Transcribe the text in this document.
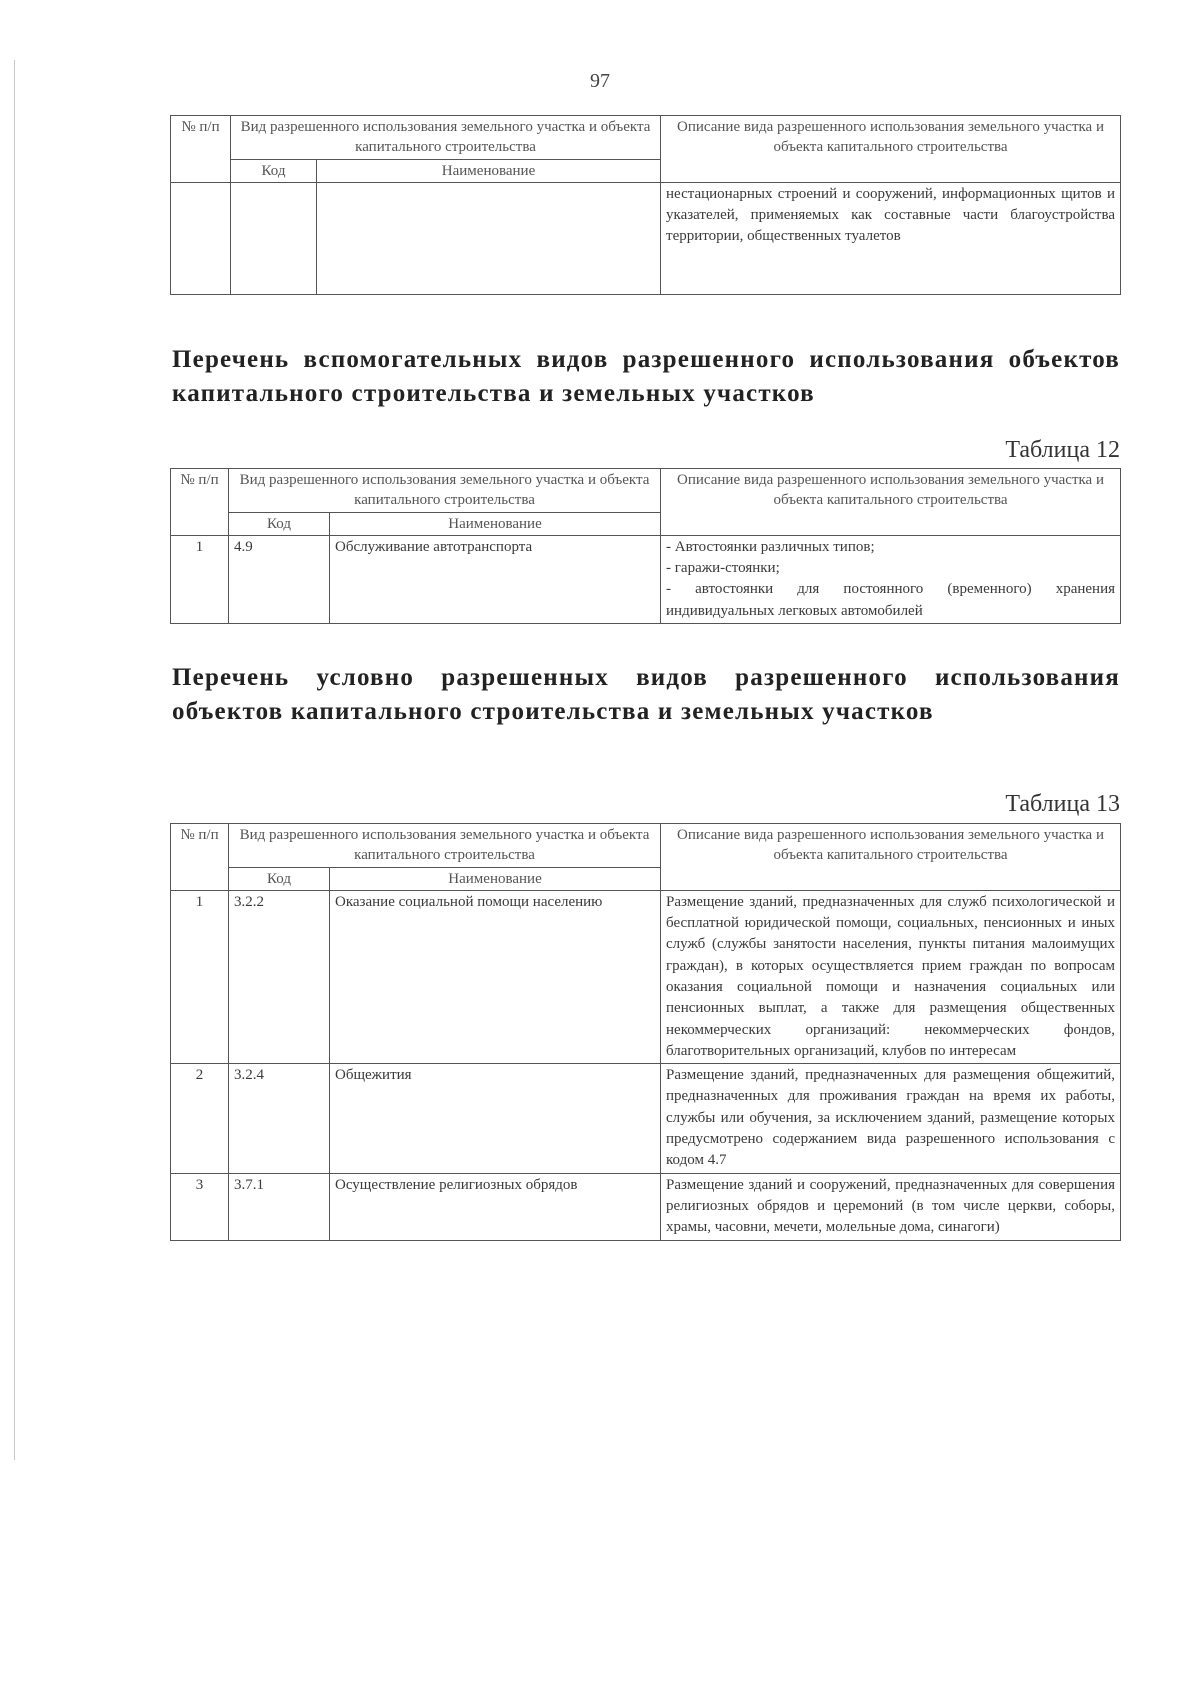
97
№ п/п	Вид разрешенного использования земельного участка и объекта капитального строительства		Описание вида разрешенного использования земельного участка и объекта капитального строительства
	Код	Наименование	
			нестационарных строений и сооружений, информационных щитов и указателей, применяемых как составные части благоустройства территории, общественных туалетов
Перечень вспомогательных видов разрешенного использования объектов капитального строительства и земельных участков
Таблица 12
№ п/п	Вид разрешенного использования земельного участка и объекта капитального строительства		Описание вида разрешенного использования земельного участка и объекта капитального строительства
	Код	Наименование	
1	4.9	Обслуживание автотранспорта	- Автостоянки различных типов;
- гаражи-стоянки;
- автостоянки для постоянного (временного) хранения индивидуальных легковых автомобилей
Перечень условно разрешенных видов разрешенного использования объектов капитального строительства и земельных участков
Таблица 13
№ п/п	Вид разрешенного использования земельного участка и объекта капитального строительства		Описание вида разрешенного использования земельного участка и объекта капитального строительства
	Код	Наименование	
1	3.2.2	Оказание социальной помощи населению	Размещение зданий, предназначенных для служб психологической и бесплатной юридической помощи, социальных, пенсионных и иных служб (службы занятости населения, пункты питания малоимущих граждан), в которых осуществляется прием граждан по вопросам оказания социальной помощи и назначения социальных или пенсионных выплат, а также для размещения общественных некоммерческих организаций: некоммерческих фондов, благотворительных организаций, клубов по интересам
2	3.2.4	Общежития	Размещение зданий, предназначенных для размещения общежитий, предназначенных для проживания граждан на время их работы, службы или обучения, за исключением зданий, размещение которых предусмотрено содержанием вида разрешенного использования с кодом 4.7
3	3.7.1	Осуществление религиозных обрядов	Размещение зданий и сооружений, предназначенных для совершения религиозных обрядов и церемоний (в том числе церкви, соборы, храмы, часовни, мечети, молельные дома, синагоги)
